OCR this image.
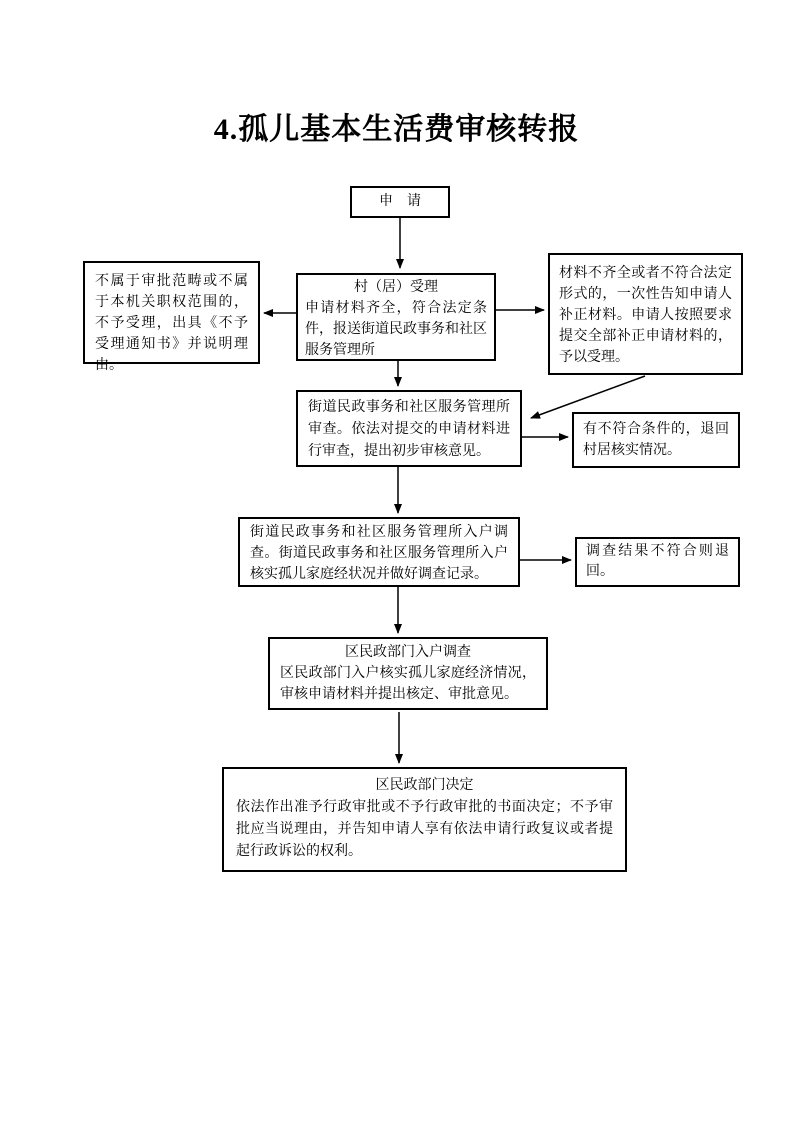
4.孤儿基本生活费审核转报
申　请
村（居）受理
申请材料齐全，符合法定条件，报送街道民政事务和社区服务管理所
不属于审批范畴或不属于本机关职权范围的，不予受理，出具《不予受理通知书》并说明理由。
材料不齐全或者不符合法定形式的，一次性告知申请人补正材料。申请人按照要求提交全部补正申请材料的，予以受理。
街道民政事务和社区服务管理所审查。依法对提交的申请材料进行审查，提出初步审核意见。
有不符合条件的，退回村居核实情况。
街道民政事务和社区服务管理所入户调查。街道民政事务和社区服务管理所入户核实孤儿家庭经状况并做好调查记录。
调查结果不符合则退回。
区民政部门入户调查
区民政部门入户核实孤儿家庭经济情况，审核申请材料并提出核定、审批意见。
区民政部门决定
依法作出准予行政审批或不予行政审批的书面决定；不予审批应当说理由，并告知申请人享有依法申请行政复议或者提起行政诉讼的权利。
